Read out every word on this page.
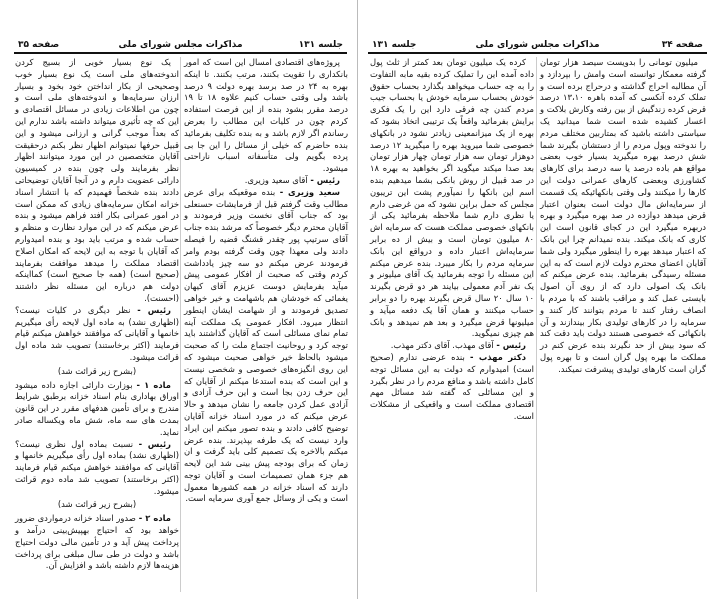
صفحه ۳۵	مذاکرات مجلس شورای ملی	جلسه ۱۳۱

یک نوع بسیار خوبی از بسیج کردن اندوخته‌های ملی است یک نوع بسیار خوب وصحیحی از بکار انداختن خود بخود و بسیار ارزان سرمایه‌ها و اندوخته‌های ملی است و چون من اطلاعات زیادی در مسائل اقتصادی و این که چه تأثیری میتواند داشته باشد ندارم این که بعداً موجب گرانی و ارزانی میشود و این قبیل حرفها نمیتوانم اظهار نظر بکنم درحقیقت آقایان متخصصین در این مورد میتوانند اظهار نظر بفرمایند ولی چون بنده در کمیسیون دارائی عضویت دارم و در آنجا آقایان توضیحاتی دادند بنده شخصاً فهمیدم که با انتشار اسناد خزانه امکان سرمایه‌های زیادی که ممکن است در امور عمرانی بکار افتد فراهم میشود و بنده عرض میکنم که در این موارد نظارت و منظم و حساب شده و مرتب باید بود و بنده امیدوارم که آقایان با توجه به این لایحه که امکان اصلاح اقتصاد مملکت را میدهد موافقت بفرمایند (صحیح است) (همه جا صحیح است) کمااینکه دولت هم درباره این مسئله نظر داشتند (احسنت).

رئیس - نظر دیگری در کلیات نیست؟ (اظهاری نشد) به ماده اول لایحه رأی میگیریم خانمها و آقایانی که موافقند خواهش میکنم قیام فرمایند (اکثر برخاستند) تصویب شد ماده اول قرائت میشود.

(بشرح زیر قرائت شد)

ماده ۱ - بوزارت دارائی اجازه داده میشود اوراق بهاداری بنام اسناد خزانه برطبق شرایط مندرج و برای تأمین هدفهای مقرر در این قانون بمدت های سه ماه، شش ماه ویکساله صادر نماید.

رئیس - نسبت بماده اول نظری نیست؟ (اظهاری نشد) بماده اول رأی میگیریم خانمها و آقایانی که موافقند خواهش میکنم قیام فرمایند (اکثر برخاستند) تصویب شد ماده دوم قرائت میشود.

(بشرح زیر قرائت شد)

ماده ۲ - صدور اسناد خزانه درمواردی ضرور خواهد بود که احتیاج بهپیش‌بینی درآمد و پرداخت پیش آید و در تأمین مالی دولت احتیاج باشد و دولت در طی سال مبلغی برای پرداخت هزینه‌ها لازم داشته باشد و افزایش آن.

پروژه‌های اقتصادی امسال این است که امور بانکداری را تقویت بکنند، مرتب بکنند. تا اینکه بهره به ۲۴ در صد برسد بهره دولت ۹ درصد باشد ولی وقتی حساب کنیم علاوه ۱۸ تا ۱۹ درصد مقرر بشود بنده از این فرصت استفاده کردم چون در کلیات این مطالب را بعرض رساندم اگر لازم باشد و به بنده تکلیف بفرمائید بنده حاضرم که خیلی از مسائل را این جا بی پرده بگویم ولی متأسفانه اسباب ناراحتی میشود.

رئیس - آقای سعید وزیری.

سعید وزیری - بنده موقعیکه برای عرض مطالب وقت گرفتم قبل از فرمایشات حسنعلی بود که جناب آقای نخست وزیر فرمودند و آقایان محترم دیگر خصوصاً که مرشد بنده جناب آقای سرتیپ پور چقدر قشنگ قضیه را فیصله دادند ولی معهذا چون وقت گرفته بودم وامر فرمودند عرض میکنم دو سه چیز یادداشت کردم وقتی که صحبت از افکار عمومی پیش میآید بفرمایش دوست عزیزم آقای کیهان یغمائی که خودشان هم باشهامت و خیر خواهی تصدیق فرمودند و از شهامت ایشان اینطور انتظار میرود. افکار عمومی یک مملکت آینه تمام نمای مسائلی است که آقایان گذاشتند باید توجه کرد و روحانیت اجتماع ملت را که صحبت میشود بالحاظ خیر خواهی صحبت میشود که این روی انگیزه‌های خصوصی و شخصی نیست و این است که بنده استدعا میکنم از آقایان که این حرف زدن بجا است و این حرف آزادی و آزادی عمل کردن جامعه را نشان میدهد و حالا عرض میکنم که در مورد اسناد خزانه آقایان توضیح کافی دادند و بنده تصور میکنم این ایراد وارد نیست که یک طرفه بپذیرند. بنده عرض میکنم بالاخره یک تصمیم کلی باید گرفت و ان زمان که برای بودجه پیش بینی شد این لایحه هم جزء همان تصمیمات است و آقایان توجه دارند که اسناد خزانه در همه کشورها معمول است و یکی از وسائل جمع آوری سرمایه است.

جلسه ۱۳۱	مذاکرات مجلس شورای ملی	صفحه ۳۴

کرده یک میلیون تومان بعد کمتر از ثلث پول داده آمده این را تملیک کرده بقیه مابه التفاوت را به چه حساب میخواهد بگذارد بحساب حقوق خودش بحساب سرمایه خودش یا بحساب جیب مردم کندن چه فرقی دارد این را یک فکری برایش بفرمائید واقعاً یک ترتیبی اتخاذ بشود که بهره از یک میزانمعینی زیادتر نشود در بانکهای خصوصی شما میروید بهره را میگیرید ۱۲ درصد دوهزار تومان سه هزار تومان چهار هزار تومان بعد صدا میکند میگوید اگر بخواهید به بهره ۱۸ در صد قبیل از روش بانکی بشما میدهیم بنده اسم این بانکها را نمیآورم پشت این تریبون مجلس که حمل براین نشود که من غرضی دارم یا نظری دارم شما ملاحظه بفرمائید یکی از بانکهای خصوصی مملکت هست که سرمایه اش ۸۰ میلیون تومان است و بیش از ده برابر سرمایه‌اش اعتبار داده و درواقع این بانک سرمایه مردم را بکار میبرد. بنده عرض میکنم این مسئله را توجه بفرمائید یک آقای میلیونر و یک نفر آدم معمولی بیایند هر دو قرض بگیرند ۱۰ سال ۲۰ سال قرض بگیرند بهره را دو برابر حساب میکنند و همان آقا یک دفعه میآید و میلیونها قرض میگیرد و بعد هم نمیدهد و بانک هم چیزی نمیگوید.

رئیس - آقای مهذب. آقای دکتر مهذب.

دکتر مهذب - بنده عرضی ندارم (صحیح است) امیدوارم که دولت به این مسائل توجه کامل داشته باشد و منافع مردم را در نظر بگیرد و این مسائلی که گفته شد مسائل مهم اقتصادی مملکت است و واقعیکی از مشکلات است.

میلیون تومانی را بدویست سیصد هزار تومان گرفته معمکار توانسته است وامش را بپردازد و آن مطالبه احراج گذاشته و درحراج برده است و تملک کرده آنکسی که آمده باهره ۱۳،۱۰ درصد قرض کرده زندگیش از بین رفته وکارش بلاکت و اعسار کشیده شده است شما میدانید یک سیاستی داشته باشید که بمتاربین مختلف مردم را ندوخته وپول مردم را از دستشان بگیرند شما شش درصد بهره میگیرید بسیار خوب بعضی مواقع هم باده درصد یا سه درصد برای کارهای کشاورزی وبعضی کارهای عمرانی دولت این کارها را میکنند ولی وقتی بانکهائیکه یک قسمت از سرمایه‌اش مال دولت است بعنوان اعتبار قرض میدهد دوازده در صد بهره میگیرد و بهره دربهره میگیرد این در کجای قانون است این کاری که بانک میکند. بنده نمیدانم چرا این بانک که اعتبار میدهد بهره را اینطور میگیرد ولی شما آقایان اعضای محترم دولت لازم است که به این مسئله رسیدگی بفرمائید. بنده عرض میکنم که بانک یک اصولی دارد که از روی آن اصول بایستی عمل کند و مراقب باشند که با مردم با انصاف رفتار کنند تا مردم بتوانند کار کنند و سرمایه را در کارهای تولیدی بکار بیندازند و آن بانکهائی که خصوصی هستند دولت باید دقت کند که سود بیش از حد نگیرند بنده عرض کنم در مملکت ما بهره پول گران است و تا بهره پول گران است کارهای تولیدی پیشرفت نمیکند.
